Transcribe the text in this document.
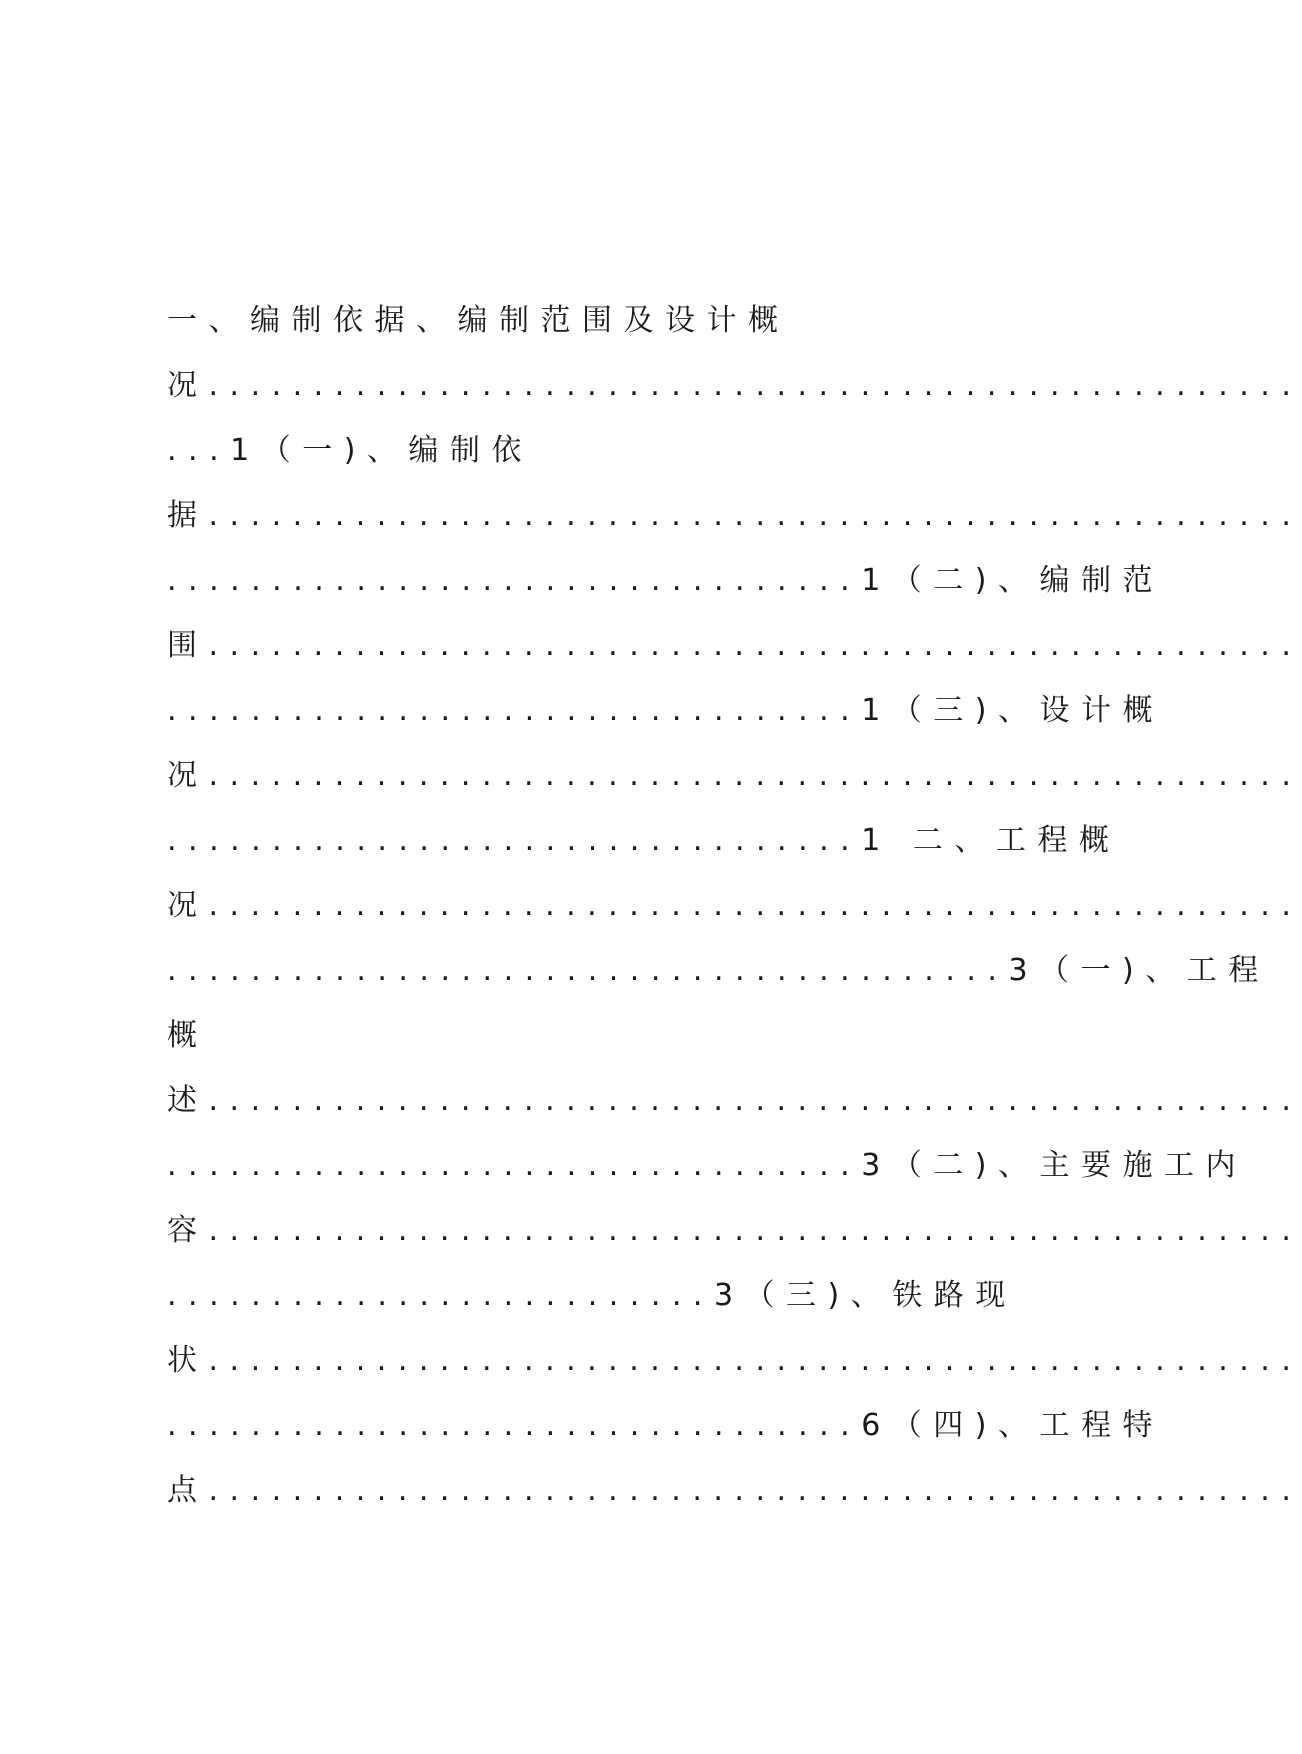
一、编制依据、编制范围及设计概
况....................................................
...1（一)、编制依
据....................................................
.................................1（二)、编制范
围....................................................
.................................1（三)、设计概
况....................................................
.................................1 二、工程概
况....................................................
........................................3（一)、工程
概
述....................................................
.................................3（二)、主要施工内
容....................................................
..........................3（三)、铁路现
状....................................................
.................................6（四)、工程特
点....................................................
